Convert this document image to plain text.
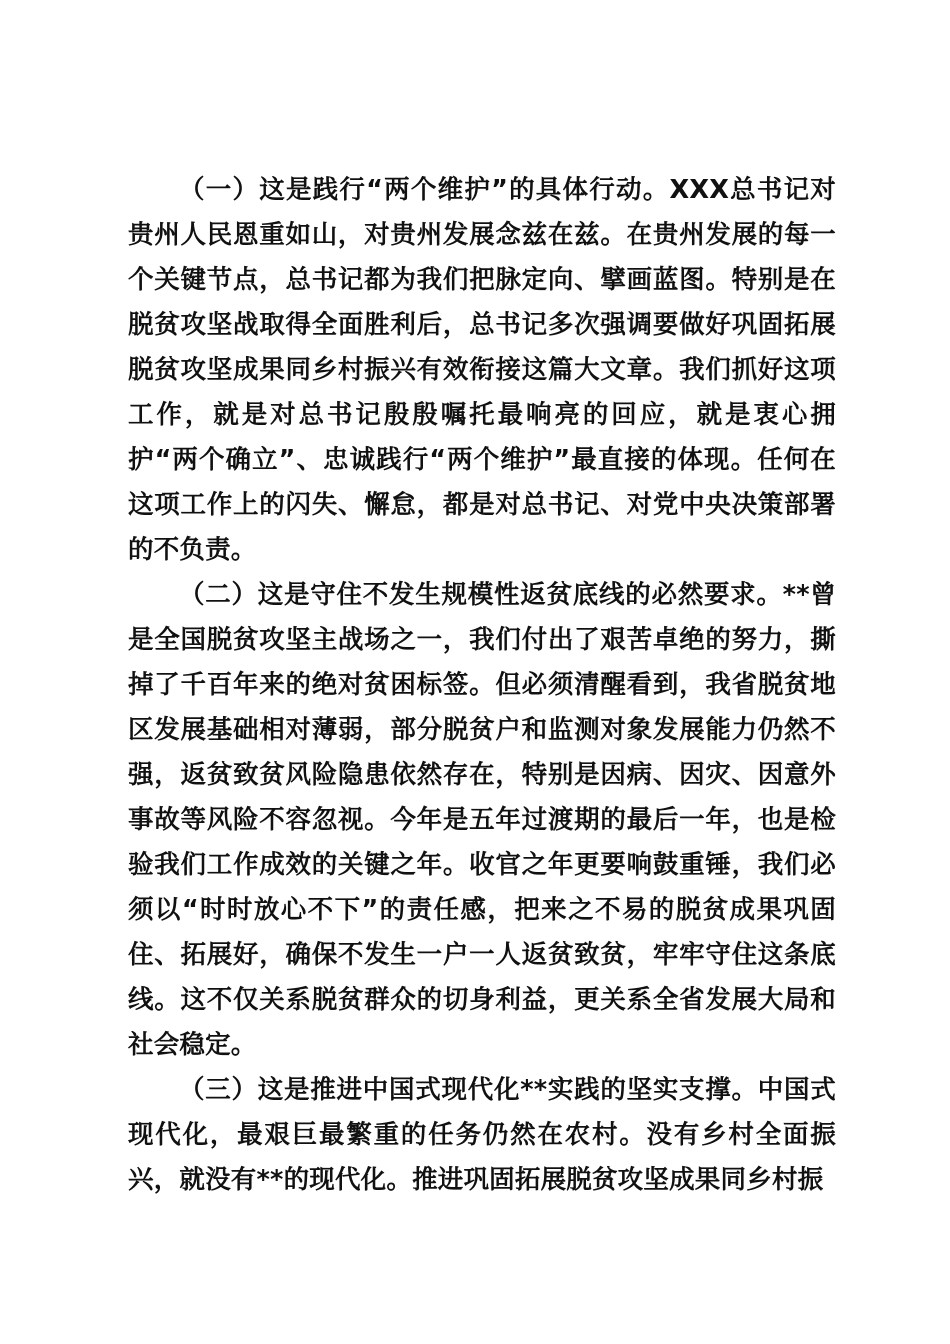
（一）这是践行“两个维护”的具体行动。XXX总书记对贵州人民恩重如山，对贵州发展念兹在兹。在贵州发展的每一个关键节点，总书记都为我们把脉定向、擘画蓝图。特别是在脱贫攻坚战取得全面胜利后，总书记多次强调要做好巩固拓展脱贫攻坚成果同乡村振兴有效衔接这篇大文章。我们抓好这项工作，就是对总书记殷殷嘱托最响亮的回应，就是衷心拥护“两个确立”、忠诚践行“两个维护”最直接的体现。任何在这项工作上的闪失、懈怠，都是对总书记、对党中央决策部署的不负责。

（二）这是守住不发生规模性返贫底线的必然要求。**曾是全国脱贫攻坚主战场之一，我们付出了艰苦卓绝的努力，撕掉了千百年来的绝对贫困标签。但必须清醒看到，我省脱贫地区发展基础相对薄弱，部分脱贫户和监测对象发展能力仍然不强，返贫致贫风险隐患依然存在，特别是因病、因灾、因意外事故等风险不容忽视。今年是五年过渡期的最后一年，也是检验我们工作成效的关键之年。收官之年更要响鼓重锤，我们必须以“时时放心不下”的责任感，把来之不易的脱贫成果巩固住、拓展好，确保不发生一户一人返贫致贫，牢牢守住这条底线。这不仅关系脱贫群众的切身利益，更关系全省发展大局和社会稳定。

（三）这是推进中国式现代化**实践的坚实支撑。中国式现代化，最艰巨最繁重的任务仍然在农村。没有乡村全面振兴，就没有**的现代化。推进巩固拓展脱贫攻坚成果同乡村振
